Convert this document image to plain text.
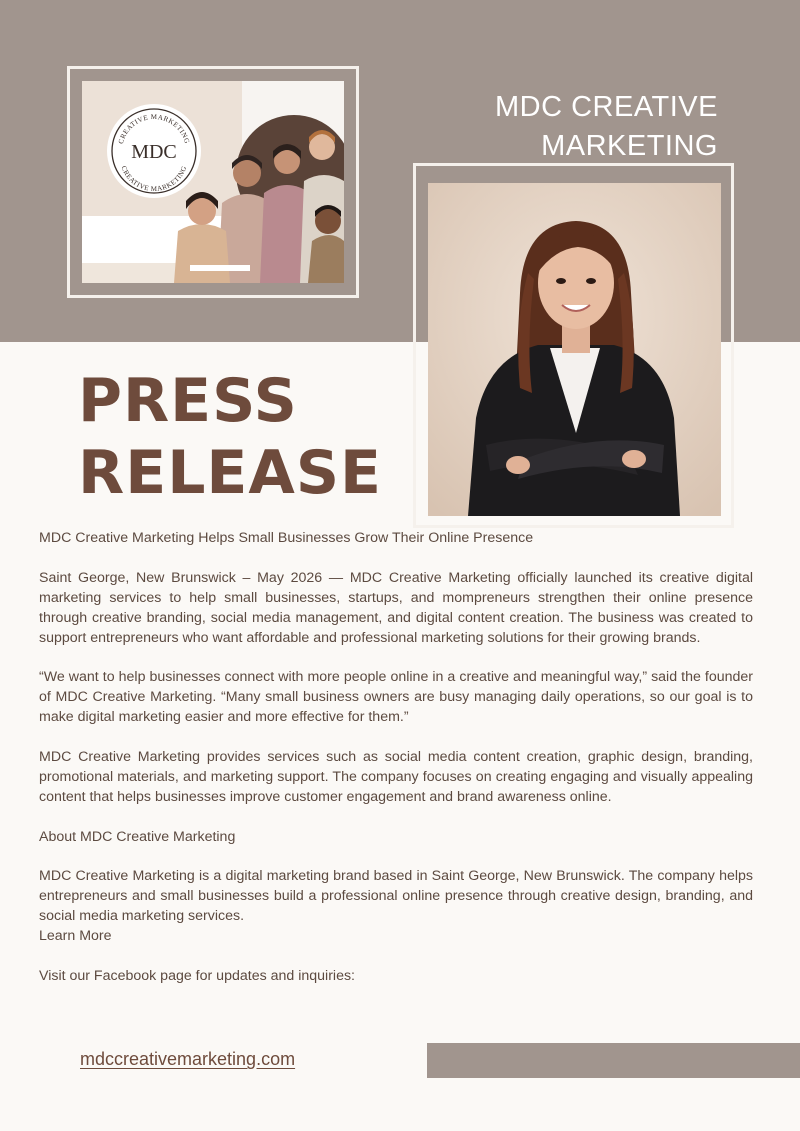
CREATIVE MARKETING
CREATIVE MARKETING
MDC
MDC CREATIVE
MARKETING
PRESS
RELEASE

MDC Creative Marketing Helps Small Businesses Grow Their Online Presence

Saint George, New Brunswick – May 2026 — MDC Creative Marketing officially launched its creative digital marketing services to help small businesses, startups, and mompreneurs strengthen their online presence through creative branding, social media management, and digital content creation. The business was created to support entrepreneurs who want affordable and professional marketing solutions for their growing brands.

“We want to help businesses connect with more people online in a creative and meaningful way,” said the founder of MDC Creative Marketing. “Many small business owners are busy managing daily operations, so our goal is to make digital marketing easier and more effective for them.”

MDC Creative Marketing provides services such as social media content creation, graphic design, branding, promotional materials, and marketing support. The company focuses on creating engaging and visually appealing content that helps businesses improve customer engagement and brand awareness online.

About MDC Creative Marketing

MDC Creative Marketing is a digital marketing brand based in Saint George, New Brunswick. The company helps entrepreneurs and small businesses build a professional online presence through creative design, branding, and social media marketing services.

Learn More

Visit our Facebook page for updates and inquiries:

mdccreativemarketing.com
